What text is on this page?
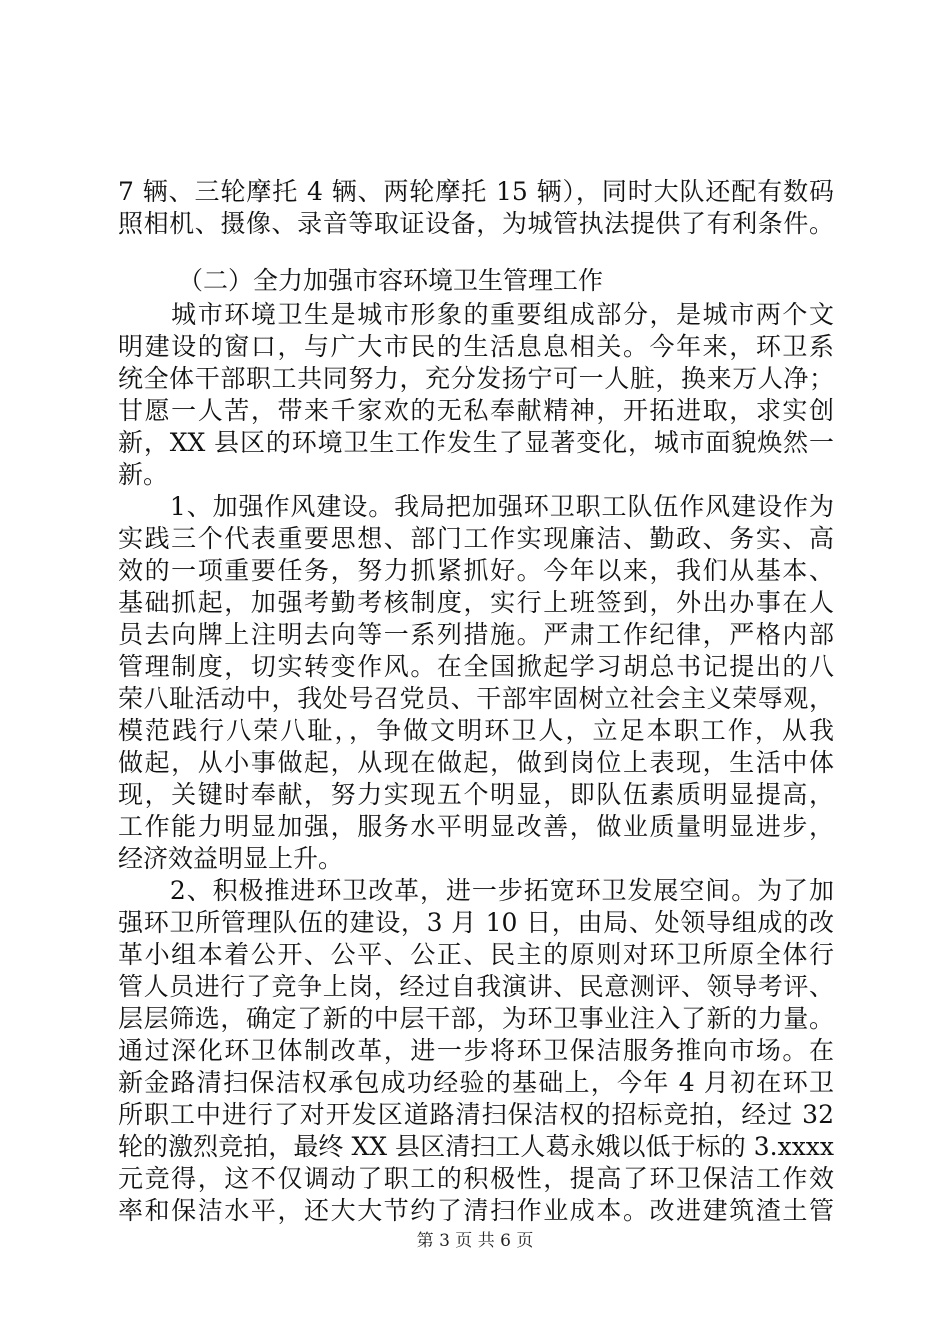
7 辆、三轮摩托 4 辆、两轮摩托 15 辆），同时大队还配有数码
照相机、摄像、录音等取证设备，为城管执法提供了有利条件。
（二）全力加强市容环境卫生管理工作
　　城市环境卫生是城市形象的重要组成部分，是城市两个文
明建设的窗口，与广大市民的生活息息相关。今年来，环卫系
统全体干部职工共同努力，充分发扬宁可一人脏，换来万人净；
甘愿一人苦，带来千家欢的无私奉献精神，开拓进取，求实创
新，XX 县区的环境卫生工作发生了显著变化，城市面貌焕然一
新。
　　1、加强作风建设。我局把加强环卫职工队伍作风建设作为
实践三个代表重要思想、部门工作实现廉洁、勤政、务实、高
效的一项重要任务，努力抓紧抓好。今年以来，我们从基本、
基础抓起，加强考勤考核制度，实行上班签到，外出办事在人
员去向牌上注明去向等一系列措施。严肃工作纪律，严格内部
管理制度，切实转变作风。在全国掀起学习胡总书记提出的八
荣八耻活动中，我处号召党员、干部牢固树立社会主义荣辱观，
模范践行八荣八耻，，争做文明环卫人，立足本职工作，从我
做起，从小事做起，从现在做起，做到岗位上表现，生活中体
现，关键时奉献，努力实现五个明显，即队伍素质明显提高，
工作能力明显加强，服务水平明显改善，做业质量明显进步，
经济效益明显上升。
　　2、积极推进环卫改革，进一步拓宽环卫发展空间。为了加
强环卫所管理队伍的建设，3 月 10 日，由局、处领导组成的改
革小组本着公开、公平、公正、民主的原则对环卫所原全体行
管人员进行了竞争上岗，经过自我演讲、民意测评、领导考评、
层层筛选，确定了新的中层干部，为环卫事业注入了新的力量。
通过深化环卫体制改革，进一步将环卫保洁服务推向市场。在
新金路清扫保洁权承包成功经验的基础上，今年 4 月初在环卫
所职工中进行了对开发区道路清扫保洁权的招标竞拍，经过 32
轮的激烈竞拍，最终 XX 县区清扫工人葛永娥以低于标的 3.xxxx
元竞得，这不仅调动了职工的积极性，提高了环卫保洁工作效
率和保洁水平，还大大节约了清扫作业成本。改进建筑渣土管
第 3 页 共 6 页
